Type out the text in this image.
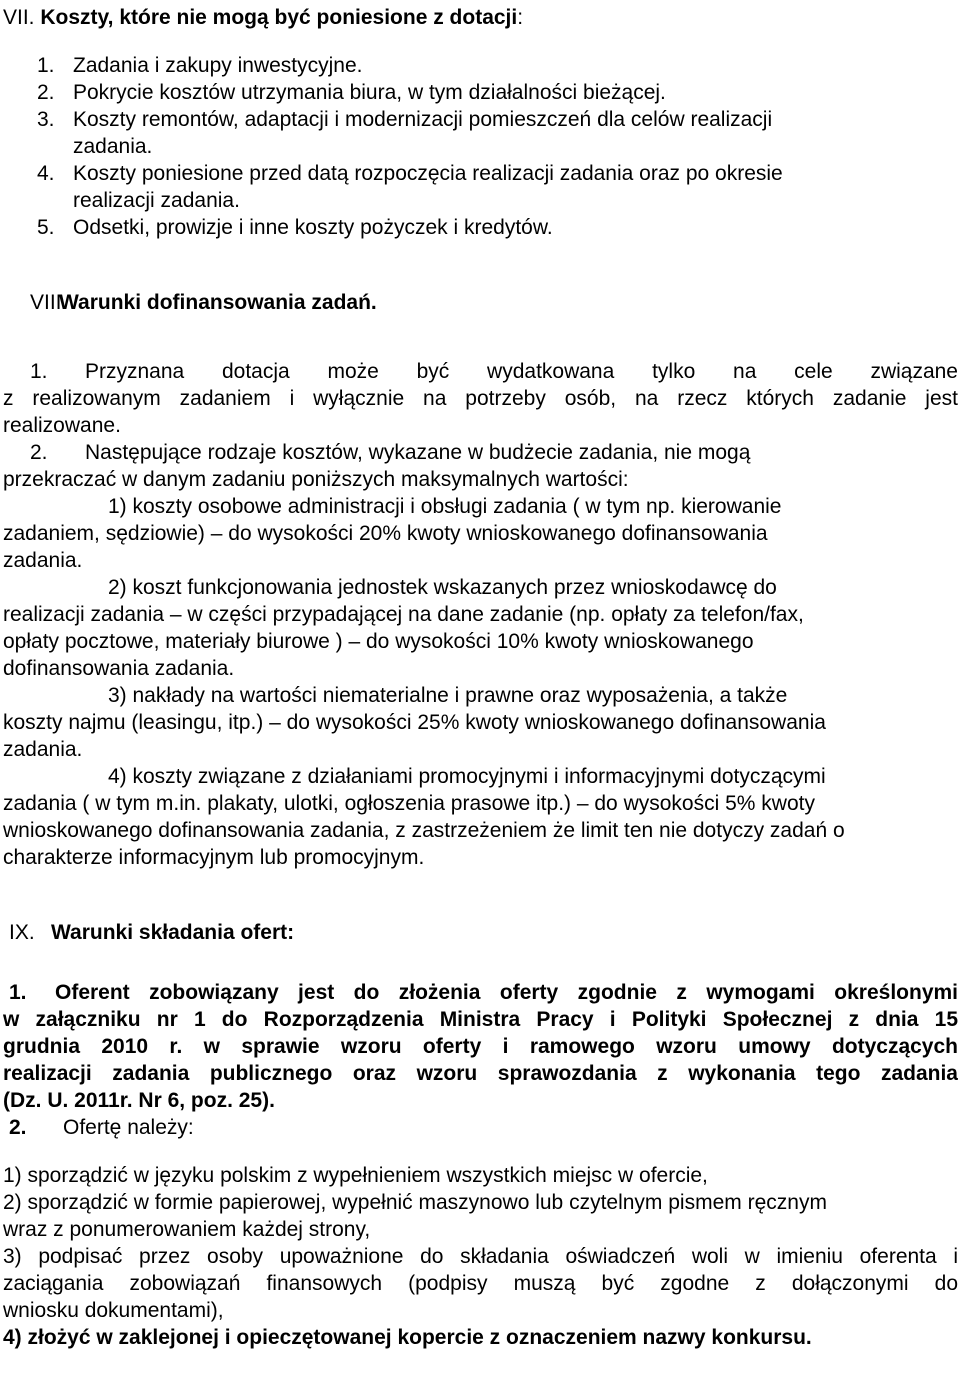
VII. Koszty, które nie mogą być poniesione z dotacji:
1. Zadania i zakupy inwestycyjne.
2. Pokrycie kosztów utrzymania biura, w tym działalności bieżącej.
3. Koszty remontów, adaptacji i modernizacji pomieszczeń dla celów realizacji
zadania.
4. Koszty poniesione przed datą rozpoczęcia realizacji zadania oraz po okresie
realizacji zadania.
5. Odsetki, prowizje i inne koszty pożyczek i kredytów.
VIII.Warunki dofinansowania zadań.
1. Przyznana dotacja może być wydatkowana tylko na cele związane
z realizowanym zadaniem i wyłącznie na potrzeby osób, na rzecz których zadanie jest
realizowane.
2. Następujące rodzaje kosztów, wykazane w budżecie zadania, nie mogą
przekraczać w danym zadaniu poniższych maksymalnych wartości:
1) koszty osobowe administracji i obsługi zadania ( w tym np. kierowanie
zadaniem, sędziowie) – do wysokości 20% kwoty wnioskowanego dofinansowania
zadania.
2) koszt funkcjonowania jednostek wskazanych przez wnioskodawcę do
realizacji zadania – w części przypadającej na dane zadanie (np. opłaty za telefon/fax,
opłaty pocztowe, materiały biurowe ) – do wysokości 10% kwoty wnioskowanego
dofinansowania zadania.
3) nakłady na wartości niematerialne i prawne oraz wyposażenia, a także
koszty najmu (leasingu, itp.) – do wysokości 25% kwoty wnioskowanego dofinansowania
zadania.
4) koszty związane z działaniami promocyjnymi i informacyjnymi dotyczącymi
zadania ( w tym m.in. plakaty, ulotki, ogłoszenia prasowe itp.) – do wysokości 5% kwoty
wnioskowanego dofinansowania zadania, z zastrzeżeniem że limit ten nie dotyczy zadań o
charakterze informacyjnym lub promocyjnym.
IX. Warunki składania ofert:
1. Oferent zobowiązany jest do złożenia oferty zgodnie z wymogami określonymi
w załączniku nr 1 do Rozporządzenia Ministra Pracy i Polityki Społecznej z dnia 15
grudnia 2010 r. w sprawie wzoru oferty i ramowego wzoru umowy dotyczących
realizacji zadania publicznego oraz wzoru sprawozdania z wykonania tego zadania
(Dz. U. 2011r. Nr 6, poz. 25).
2. Ofertę należy:
1) sporządzić w języku polskim z wypełnieniem wszystkich miejsc w ofercie,
2) sporządzić w formie papierowej, wypełnić maszynowo lub czytelnym pismem ręcznym
wraz z ponumerowaniem każdej strony,
3) podpisać przez osoby upoważnione do składania oświadczeń woli w imieniu oferenta i
zaciągania zobowiązań finansowych (podpisy muszą być zgodne z dołączonymi do
wniosku dokumentami),
4) złożyć w zaklejonej i opieczętowanej kopercie z oznaczeniem nazwy konkursu.
